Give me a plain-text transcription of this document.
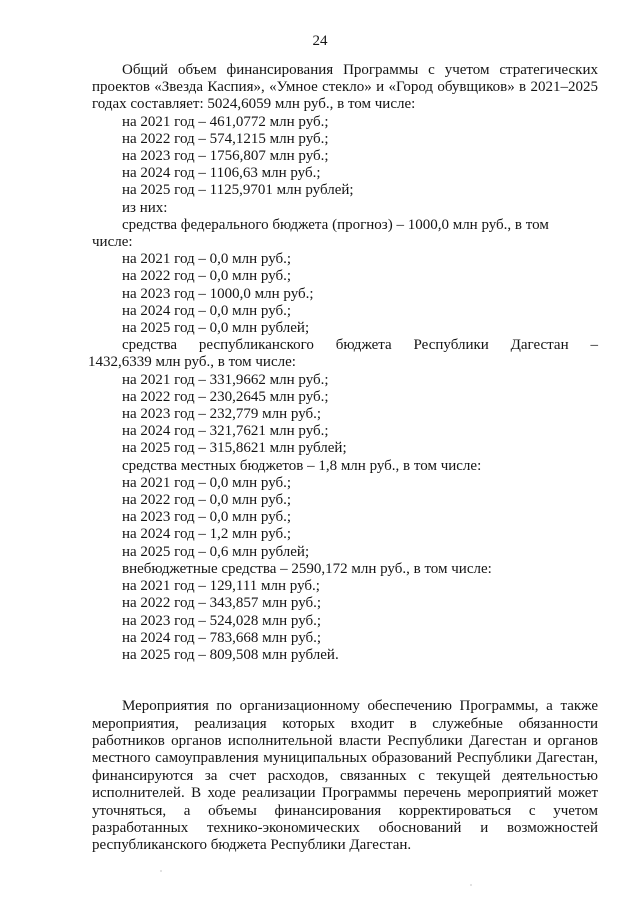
24

Общий объем финансирования Программы с учетом стратегических проектов «Звезда Каспия», «Умное стекло» и «Город обувщиков» в 2021–2025 годах составляет: 5024,6059 млн руб., в том числе:

на 2021 год – 461,0772 млн руб.;

на 2022 год – 574,1215 млн руб.;

на 2023 год – 1756,807 млн руб.;

на 2024 год – 1106,63 млн руб.;

на 2025 год – 1125,9701 млн рублей;

из них:

средства федерального бюджета (прогноз) – 1000,0 млн руб., в том

числе:

на 2021 год – 0,0 млн руб.;

на 2022 год – 0,0 млн руб.;

на 2023 год – 1000,0 млн руб.;

на 2024 год – 0,0 млн руб.;

на 2025 год – 0,0 млн рублей;

средства республиканского бюджета Республики Дагестан –

1432,6339 млн руб., в том числе:

на 2021 год – 331,9662 млн руб.;

на 2022 год – 230,2645 млн руб.;

на 2023 год – 232,779 млн руб.;

на 2024 год – 321,7621 млн руб.;

на 2025 год – 315,8621 млн рублей;

средства местных бюджетов – 1,8 млн руб., в том числе:

на 2021 год – 0,0 млн руб.;

на 2022 год – 0,0 млн руб.;

на 2023 год – 0,0 млн руб.;

на 2024 год – 1,2 млн руб.;

на 2025 год – 0,6 млн рублей;

внебюджетные средства – 2590,172 млн руб., в том числе:

на 2021 год – 129,111 млн руб.;

на 2022 год – 343,857 млн руб.;

на 2023 год – 524,028 млн руб.;

на 2024 год – 783,668 млн руб.;

на 2025 год – 809,508 млн рублей.

Мероприятия по организационному обеспечению Программы, а также мероприятия, реализация которых входит в служебные обязанности работников органов исполнительной власти Республики Дагестан и органов местного самоуправления муниципальных образований Республики Дагестан, финансируются за счет расходов, связанных с текущей деятельностью исполнителей. В ходе реализации Программы перечень мероприятий может уточняться, а объемы финансирования корректироваться с учетом разработанных технико-экономических обоснований и возможностей республиканского бюджета Республики Дагестан.
